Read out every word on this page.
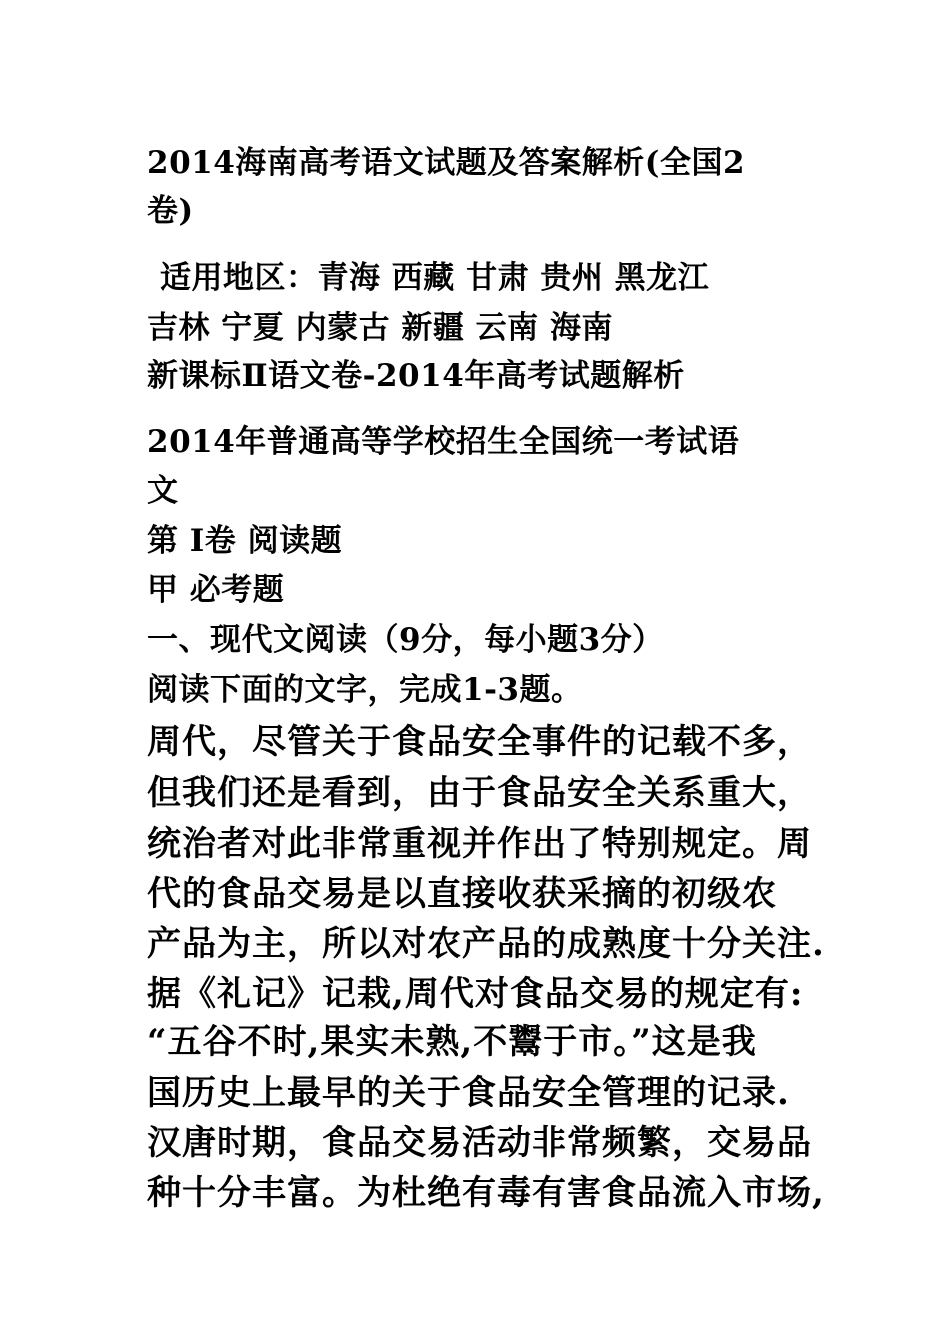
2014海南高考语文试题及答案解析(全国2
卷)
适用地区：青海 西藏 甘肃 贵州 黑龙江
吉林 宁夏 内蒙古 新疆 云南 海南
新课标Ⅱ语文卷-2014年高考试题解析
2014年普通高等学校招生全国统一考试语
文
第 I卷 阅读题
甲 必考题
一、现代文阅读（9分，每小题3分）
阅读下面的文字，完成1-3题。
周代，尽管关于食品安全事件的记载不多，
但我们还是看到，由于食品安全关系重大，
统治者对此非常重视并作出了特别规定。周
代的食品交易是以直接收获采摘的初级农
产品为主，所以对农产品的成熟度十分关注.
据《礼记》记栽,周代对食品交易的规定有:
“五谷不时,果实未熟,不鬻于市。”这是我
国历史上最早的关于食品安全管理的记录.
汉唐时期，食品交易活动非常频繁，交易品
种十分丰富。为杜绝有毒有害食品流入市场,
